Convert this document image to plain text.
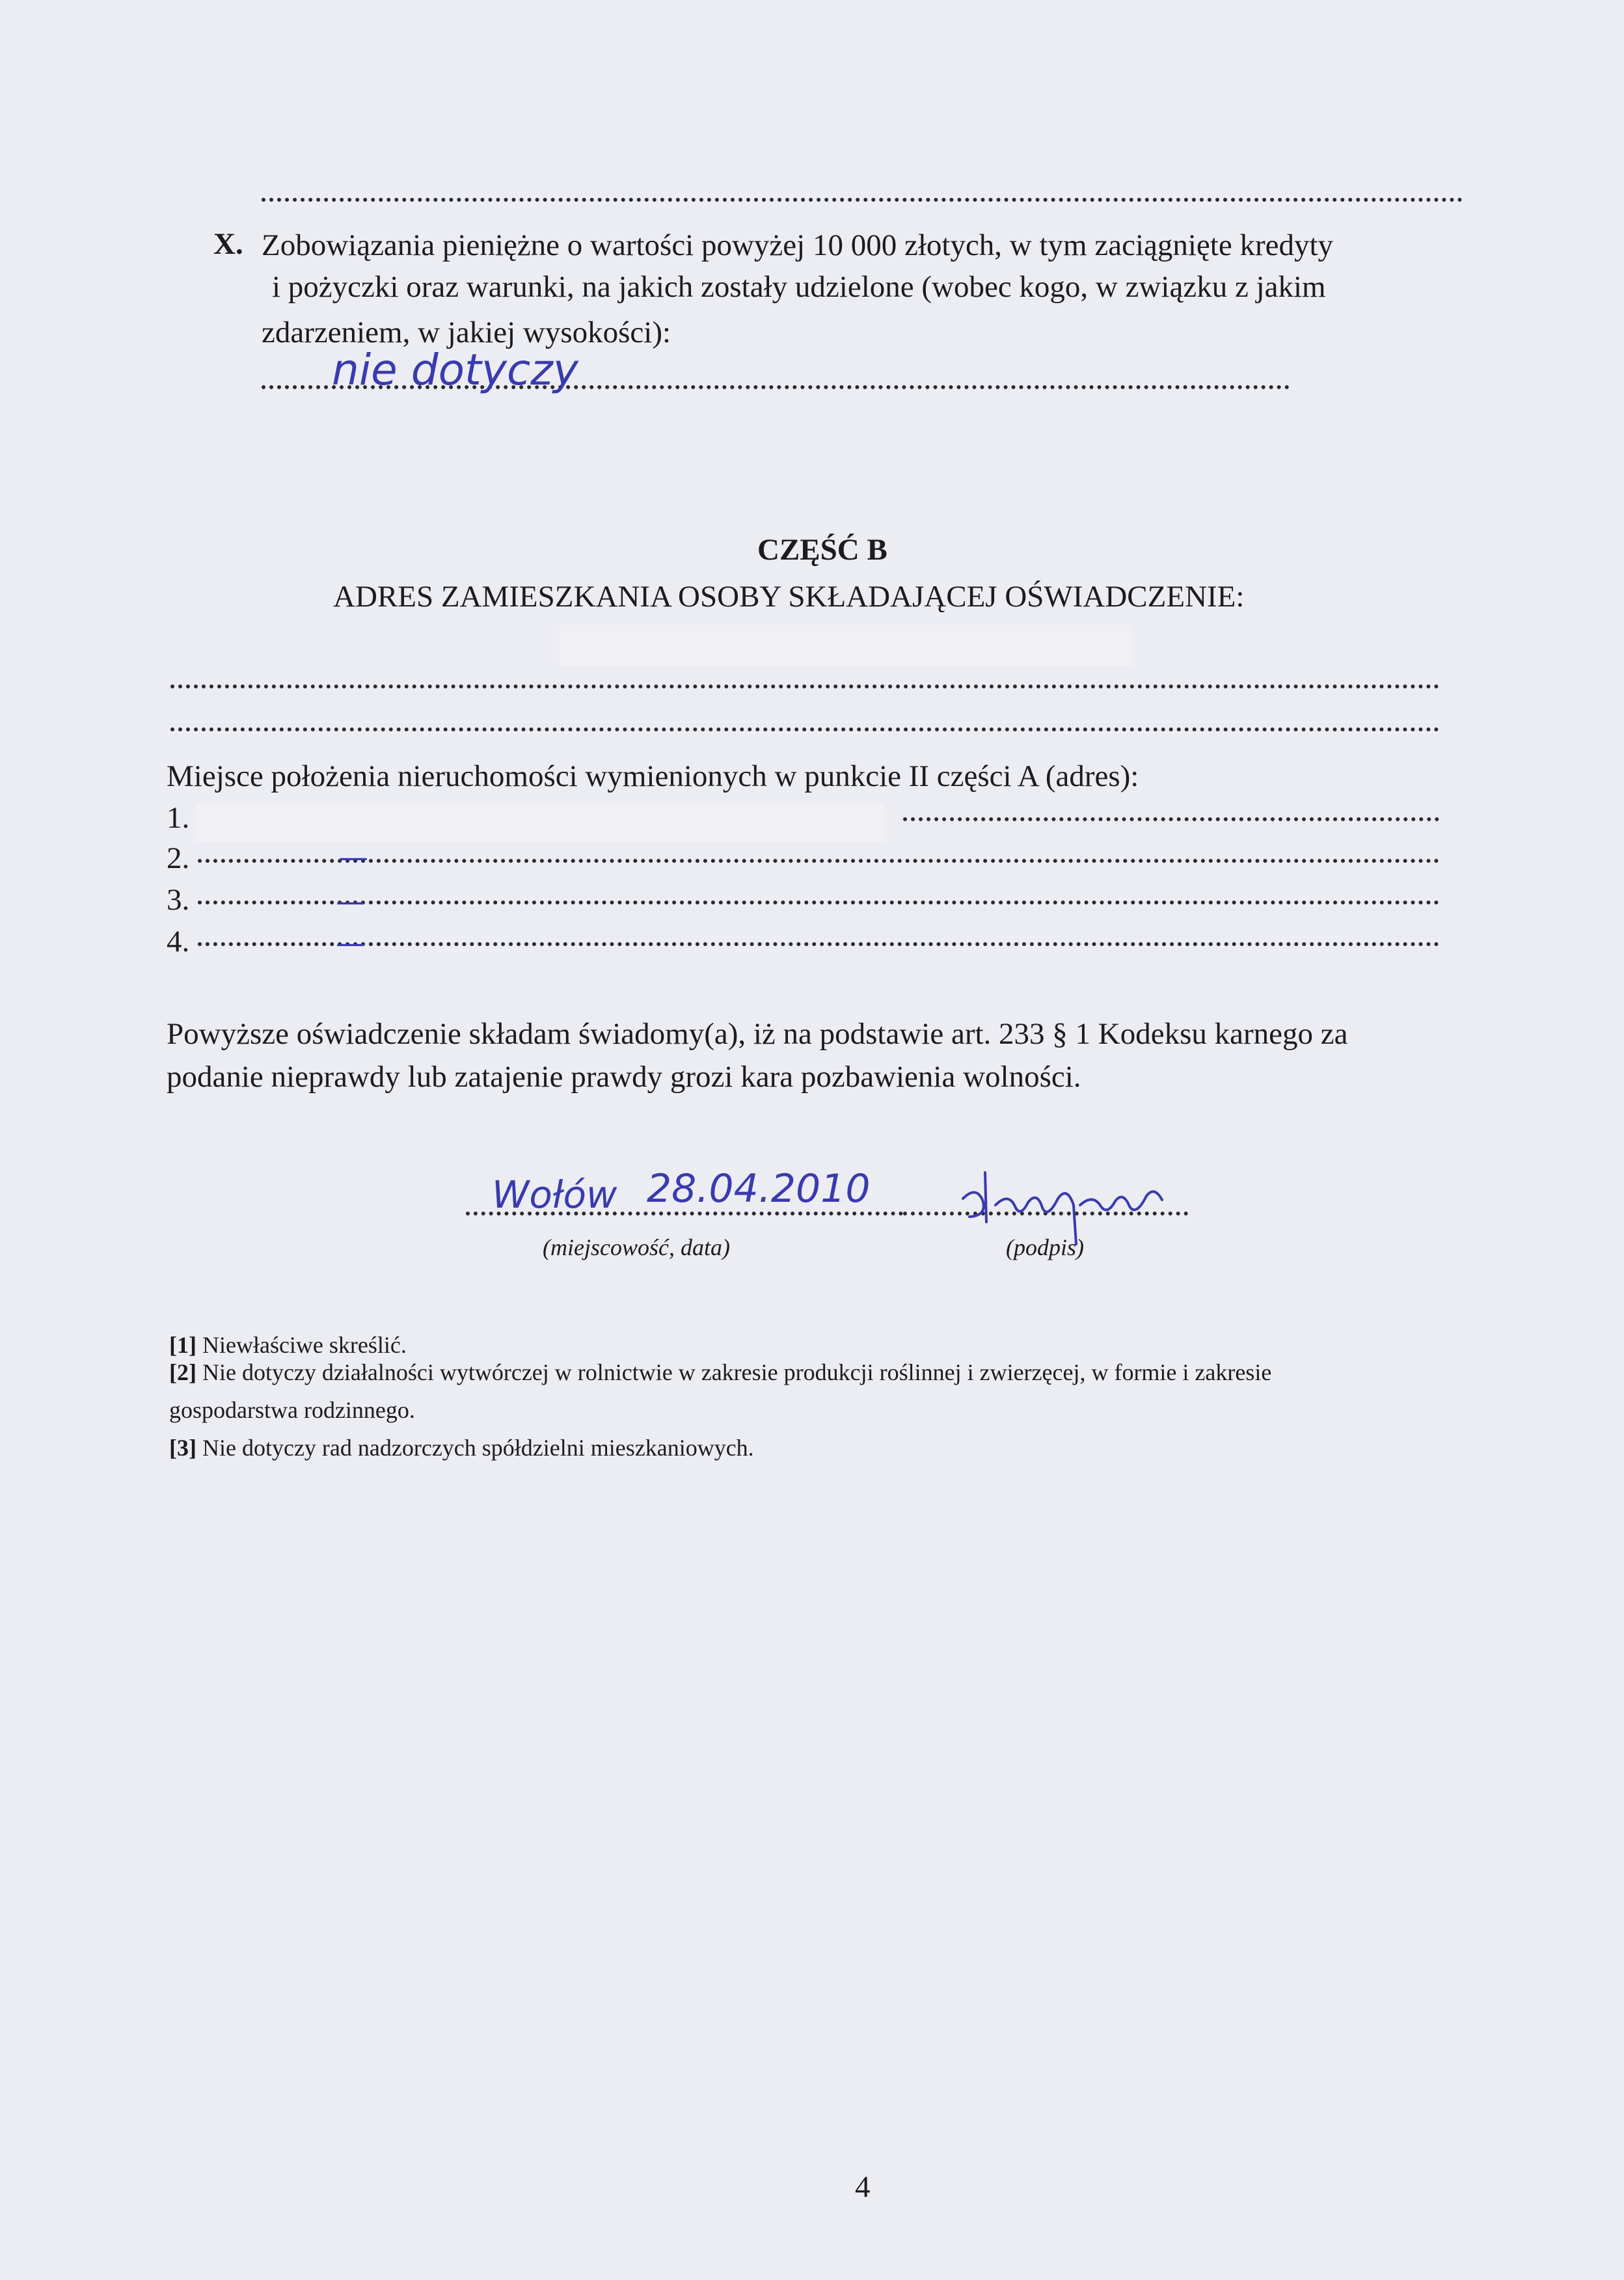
X. Zobowiązania pieniężne o wartości powyżej 10 000 złotych, w tym zaciągnięte kredyty
i pożyczki oraz warunki, na jakich zostały udzielone (wobec kogo, w związku z jakim
zdarzeniem, w jakiej wysokości):
nie dotyczy
CZĘŚĆ B
ADRES ZAMIESZKANIA OSOBY SKŁADAJĄCEJ OŚWIADCZENIE:
Miejsce położenia nieruchomości wymienionych w punkcie II części A (adres):
1.
2.	—
3.	—
4.	—
Powyższe oświadczenie składam świadomy(a), iż na podstawie art. 233 § 1 Kodeksu karnego za
podanie nieprawdy lub zatajenie prawdy grozi kara pozbawienia wolności.
Wołów 28.04.2010
(miejscowość, data)	(podpis)
[1] Niewłaściwe skreślić.
[2] Nie dotyczy działalności wytwórczej w rolnictwie w zakresie produkcji roślinnej i zwierzęcej, w formie i zakresie
gospodarstwa rodzinnego.
[3] Nie dotyczy rad nadzorczych spółdzielni mieszkaniowych.
4
